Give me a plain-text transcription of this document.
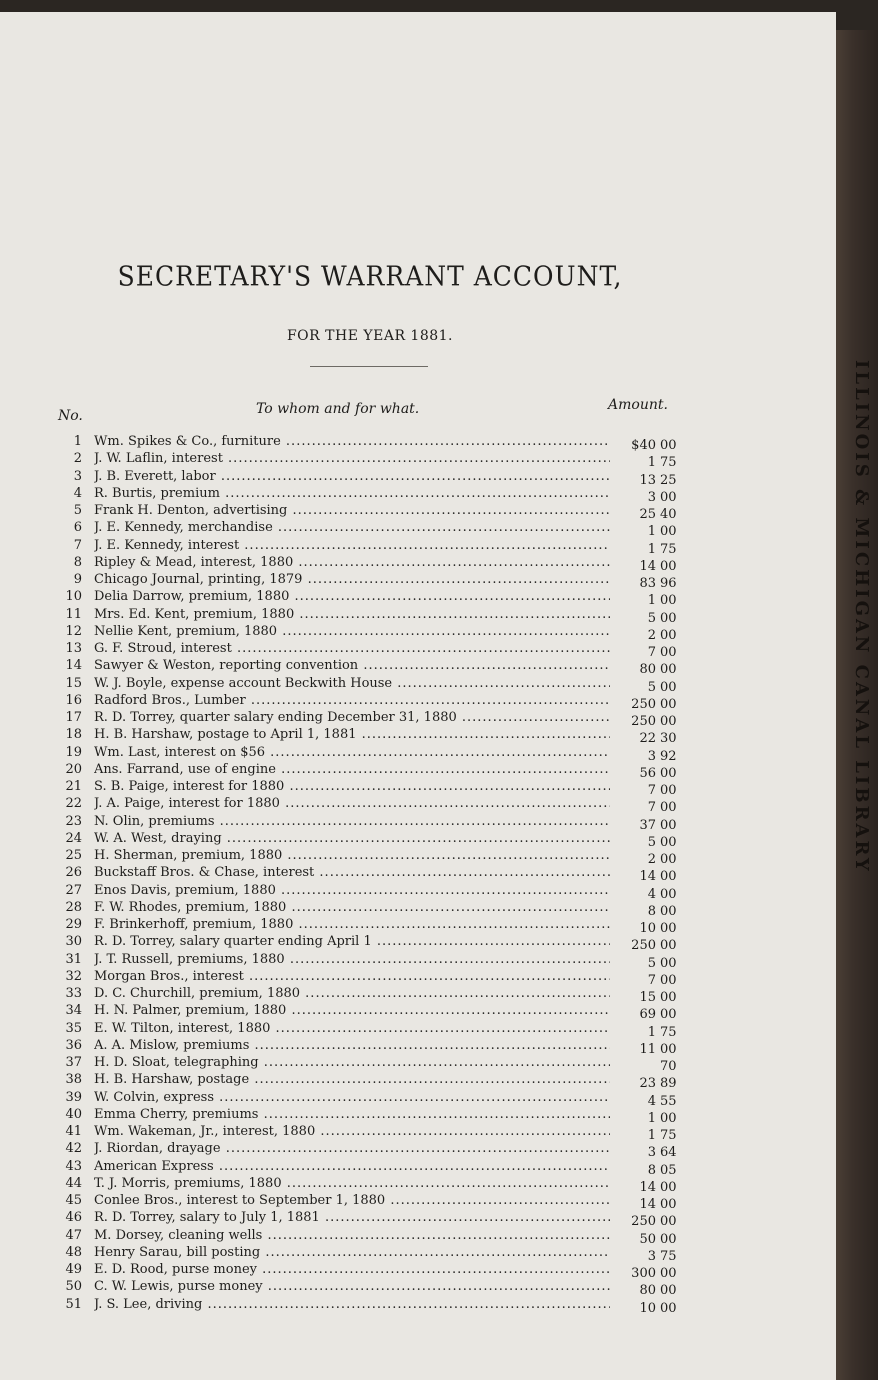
SECRETARY'S WARRANT ACCOUNT,
FOR THE YEAR 1881.
No.	To whom and for what.	Amount.
1 Wm. Spikes & Co., furniture .....	$40 00
2 J. W. Laflin, interest .....	1 75
3 J. B. Everett, labor .....	13 25
4 R. Burtis, premium .....	3 00
5 Frank H. Denton, advertising .....	25 40
6 J. E. Kennedy, merchandise .....	1 00
7 J. E. Kennedy, interest .....	1 75
8 Ripley & Mead, interest, 1880 .....	14 00
9 Chicago Journal, printing, 1879 .....	83 96
10 Delia Darrow, premium, 1880 .....	1 00
11 Mrs. Ed. Kent, premium, 1880 .....	5 00
12 Nellie Kent, premium, 1880 .....	2 00
13 G. F. Stroud, interest .....	7 00
14 Sawyer & Weston, reporting convention .....	80 00
15 W. J. Boyle, expense account Beckwith House .....	5 00
16 Radford Bros., Lumber .....	250 00
17 R. D. Torrey, quarter salary ending December 31, 1880 .....	250 00
18 H. B. Harshaw, postage to April 1, 1881 .....	22 30
19 Wm. Last, interest on $56 .....	3 92
20 Ans. Farrand, use of engine .....	56 00
21 S. B. Paige, interest for 1880 .....	7 00
22 J. A. Paige, interest for 1880 .....	7 00
23 N. Olin, premiums .....	37 00
24 W. A. West, draying .....	5 00
25 H. Sherman, premium, 1880 .....	2 00
26 Buckstaff Bros. & Chase, interest .....	14 00
27 Enos Davis, premium, 1880 .....	4 00
28 F. W. Rhodes, premium, 1880 .....	8 00
29 F. Brinkerhoff, premium, 1880 .....	10 00
30 R. D. Torrey, salary quarter ending April 1 .....	250 00
31 J. T. Russell, premiums, 1880 .....	5 00
32 Morgan Bros., interest .....	7 00
33 D. C. Churchill, premium, 1880 .....	15 00
34 H. N. Palmer, premium, 1880 .....	69 00
35 E. W. Tilton, interest, 1880 .....	1 75
36 A. A. Mislow, premiums .....	11 00
37 H. D. Sloat, telegraphing .....	70
38 H. B. Harshaw, postage .....	23 89
39 W. Colvin, express .....	4 55
40 Emma Cherry, premiums .....	1 00
41 Wm. Wakeman, Jr., interest, 1880 .....	1 75
42 J. Riordan, drayage .....	3 64
43 American Express .....	8 05
44 T. J. Morris, premiums, 1880 .....	14 00
45 Conlee Bros., interest to September 1, 1880 .....	14 00
46 R. D. Torrey, salary to July 1, 1881 .....	250 00
47 M. Dorsey, cleaning wells .....	50 00
48 Henry Sarau, bill posting .....	3 75
49 E. D. Rood, purse money .....	300 00
50 C. W. Lewis, purse money .....	80 00
51 J. S. Lee, driving .....	10 00
ILLINOIS & MICHIGAN CANAL LIBRARY
